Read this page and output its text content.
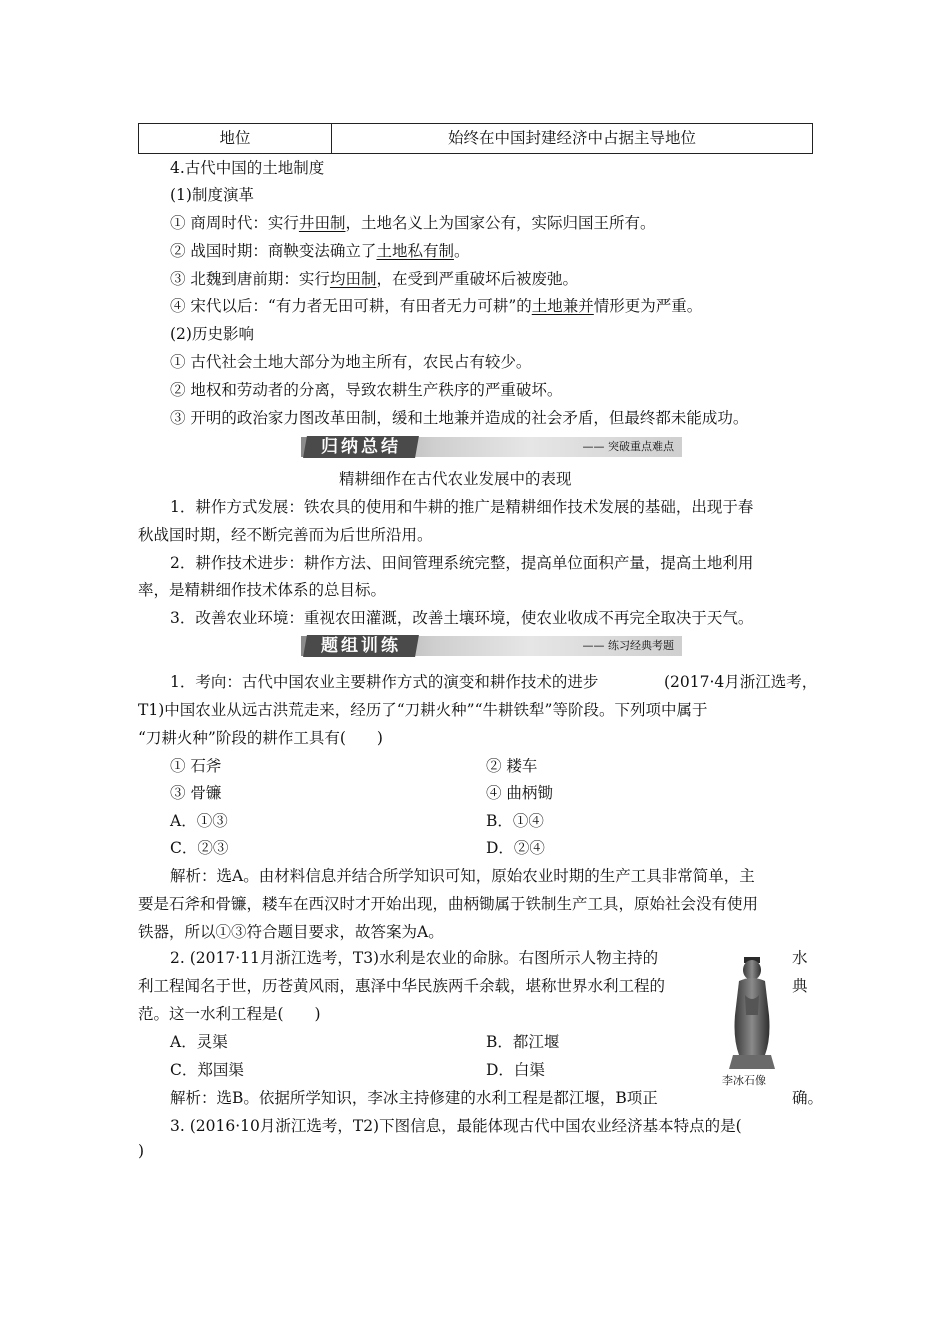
地位	始终在中国封建经济中占据主导地位
4.古代中国的土地制度
(1)制度演革
① 商周时代：实行井田制，土地名义上为国家公有，实际归国王所有。
② 战国时期：商鞅变法确立了土地私有制。
③ 北魏到唐前期：实行均田制，在受到严重破坏后被废弛。
④ 宋代以后：“有力者无田可耕，有田者无力可耕”的土地兼并情形更为严重。
(2)历史影响
① 古代社会土地大部分为地主所有，农民占有较少。
② 地权和劳动者的分离，导致农耕生产秩序的严重破坏。
③ 开明的政治家力图改革田制，缓和土地兼并造成的社会矛盾，但最终都未能成功。
归纳总结	—— 突破重点难点
精耕细作在古代农业发展中的表现
1．耕作方式发展：铁农具的使用和牛耕的推广是精耕细作技术发展的基础，出现于春
秋战国时期，经不断完善而为后世所沿用。
2．耕作技术进步：耕作方法、田间管理系统完整，提高单位面积产量，提高土地利用
率，是精耕细作技术体系的总目标。
3．改善农业环境：重视农田灌溉，改善土壤环境，使农业收成不再完全取决于天气。
题组训练	—— 练习经典考题
1．考向：古代中国农业主要耕作方式的演变和耕作技术的进步	(2017·4月浙江选考，
T1)中国农业从远古洪荒走来，经历了“刀耕火种”“牛耕铁犁”等阶段。下列项中属于
“刀耕火种”阶段的耕作工具有(　　)
① 石斧	② 耧车
③ 骨镰	④ 曲柄锄
A．①③	B．①④
C．②③	D．②④
解析：选A。由材料信息并结合所学知识可知，原始农业时期的生产工具非常简单，主
要是石斧和骨镰，耧车在西汉时才开始出现，曲柄锄属于铁制生产工具，原始社会没有使用
铁器，所以①③符合题目要求，故答案为A。
2. (2017·11月浙江选考，T3)水利是农业的命脉。右图所示人物主持的	水
利工程闻名于世，历苍黄风雨，惠泽中华民族两千余载，堪称世界水利工程的	典
范。这一水利工程是(　　)
A．灵渠	B．都江堰
C．郑国渠	D．白渠
解析：选B。依据所学知识，李冰主持修建的水利工程是都江堰，B项正	确。
李冰石像
3. (2016·10月浙江选考，T2)下图信息，最能体现古代中国农业经济基本特点的是(
)
